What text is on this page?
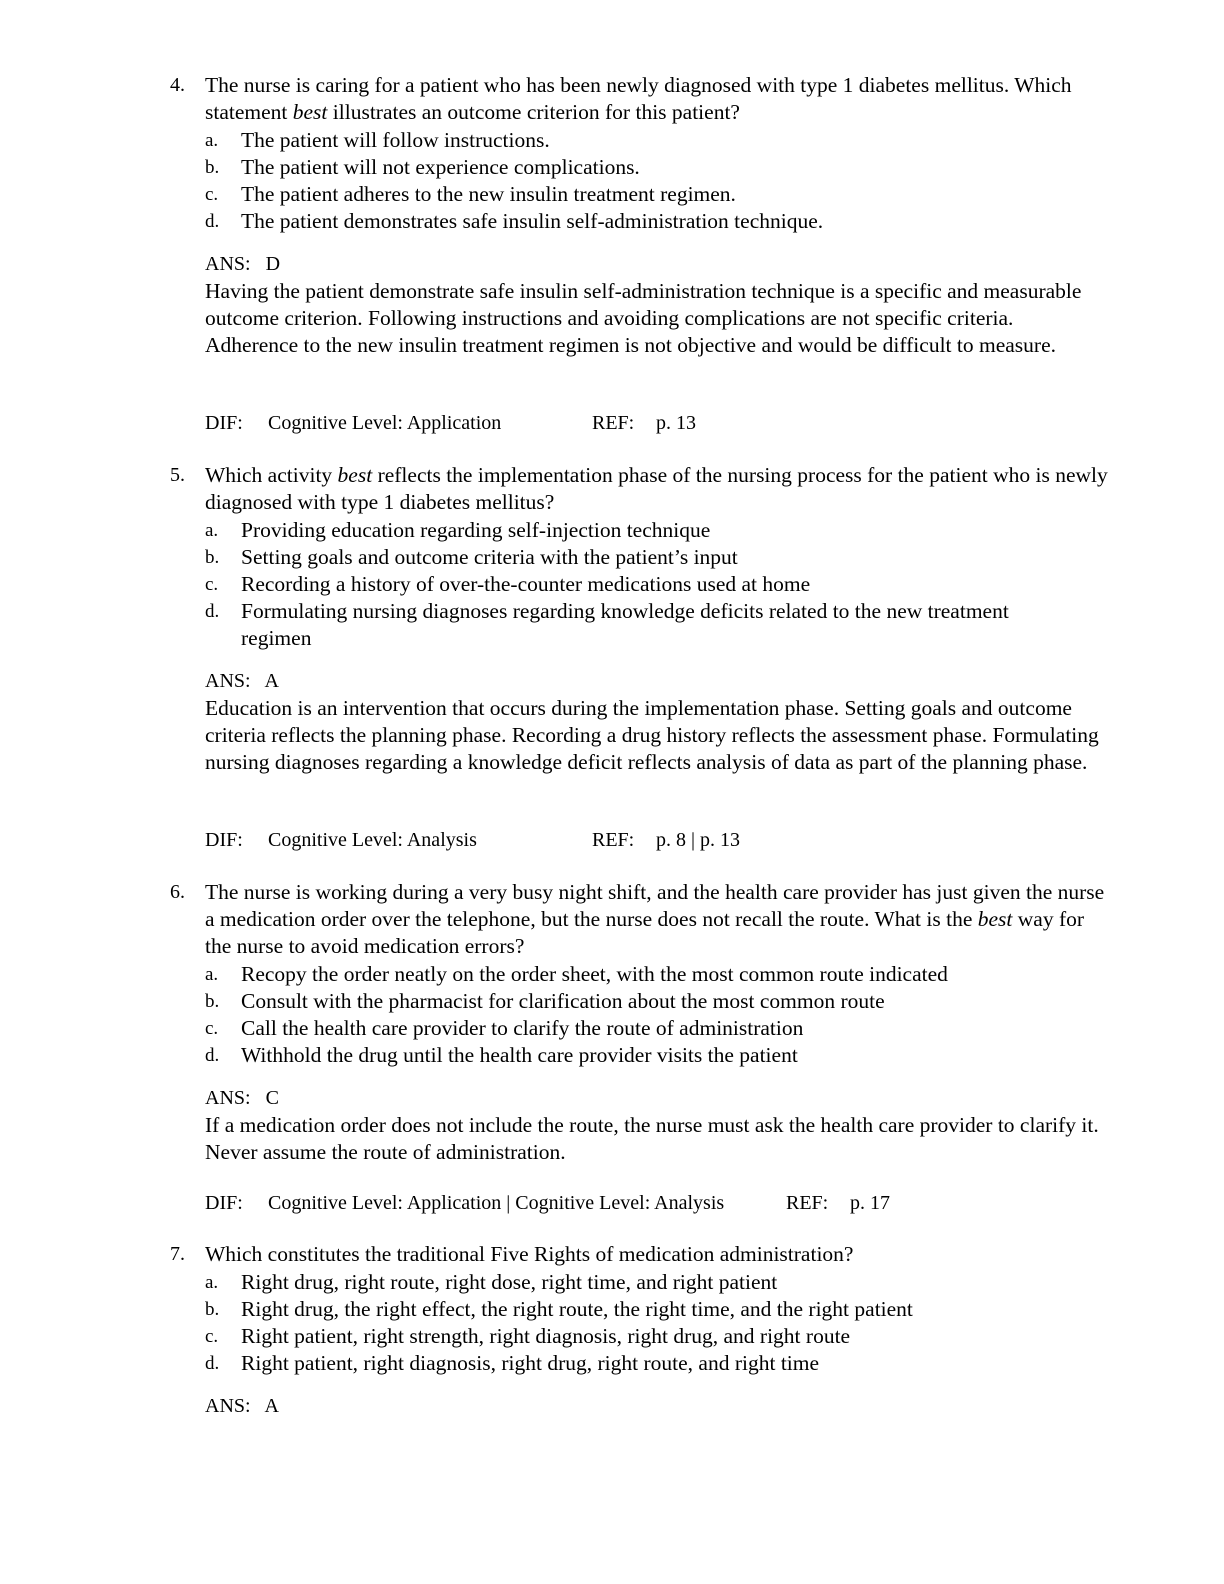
4. The nurse is caring for a patient who has been newly diagnosed with type 1 diabetes mellitus. Which statement best illustrates an outcome criterion for this patient?
a. The patient will follow instructions.
b. The patient will not experience complications.
c. The patient adheres to the new insulin treatment regimen.
d. The patient demonstrates safe insulin self-administration technique.
ANS:   D
Having the patient demonstrate safe insulin self-administration technique is a specific and measurable outcome criterion. Following instructions and avoiding complications are not specific criteria. Adherence to the new insulin treatment regimen is not objective and would be difficult to measure.
DIF: Cognitive Level: Application	REF: p. 13
5. Which activity best reflects the implementation phase of the nursing process for the patient who is newly diagnosed with type 1 diabetes mellitus?
a. Providing education regarding self-injection technique
b. Setting goals and outcome criteria with the patient’s input
c. Recording a history of over-the-counter medications used at home
d. Formulating nursing diagnoses regarding knowledge deficits related to the new treatment regimen
ANS:   A
Education is an intervention that occurs during the implementation phase. Setting goals and outcome criteria reflects the planning phase. Recording a drug history reflects the assessment phase. Formulating nursing diagnoses regarding a knowledge deficit reflects analysis of data as part of the planning phase.
DIF: Cognitive Level: Analysis	REF: p. 8 | p. 13
6. The nurse is working during a very busy night shift, and the health care provider has just given the nurse a medication order over the telephone, but the nurse does not recall the route. What is the best way for the nurse to avoid medication errors?
a. Recopy the order neatly on the order sheet, with the most common route indicated
b. Consult with the pharmacist for clarification about the most common route
c. Call the health care provider to clarify the route of administration
d. Withhold the drug until the health care provider visits the patient
ANS:   C
If a medication order does not include the route, the nurse must ask the health care provider to clarify it. Never assume the route of administration.
DIF: Cognitive Level: Application | Cognitive Level: Analysis	REF: p. 17
7. Which constitutes the traditional Five Rights of medication administration?
a. Right drug, right route, right dose, right time, and right patient
b. Right drug, the right effect, the right route, the right time, and the right patient
c. Right patient, right strength, right diagnosis, right drug, and right route
d. Right patient, right diagnosis, right drug, right route, and right time
ANS:   A
